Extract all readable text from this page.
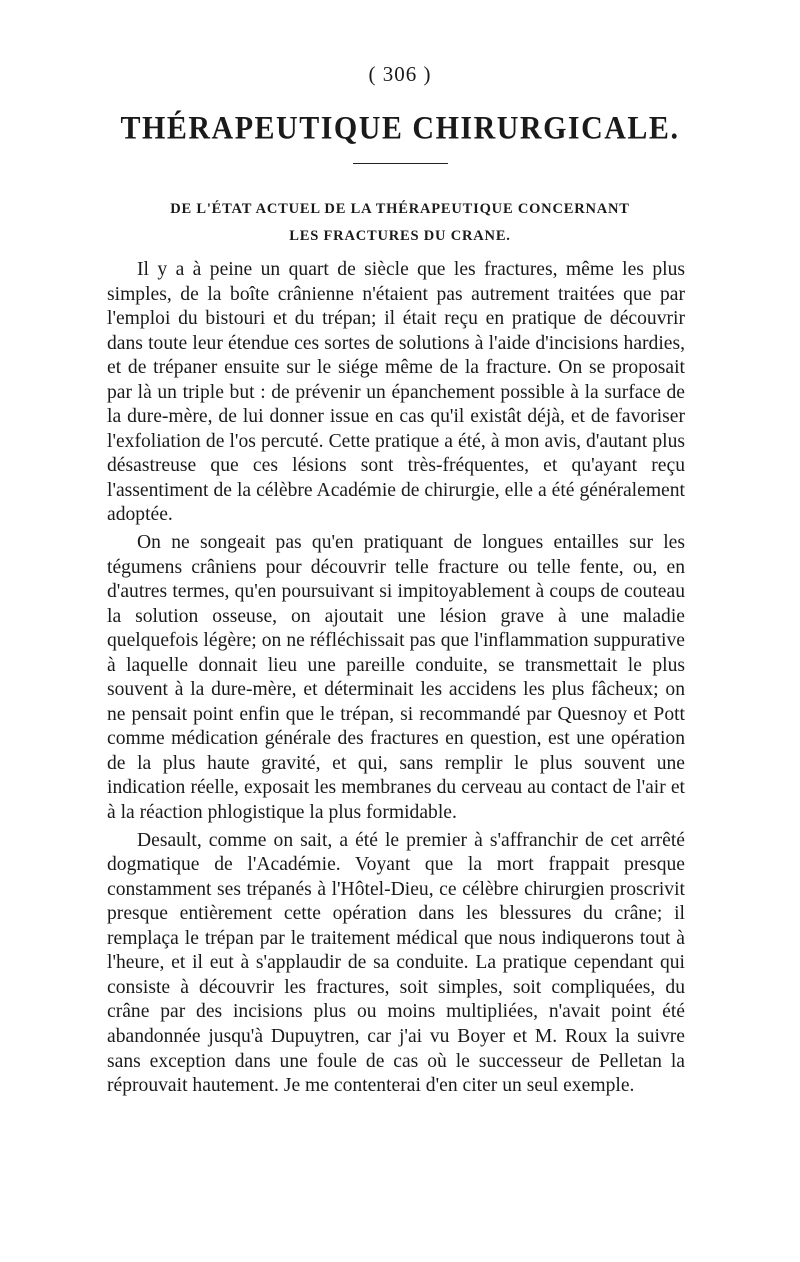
( 306 )
THÉRAPEUTIQUE CHIRURGICALE.
DE L'ÉTAT ACTUEL DE LA THÉRAPEUTIQUE CONCERNANT
LES FRACTURES DU CRANE.

Il y a à peine un quart de siècle que les fractures, même les plus simples, de la boîte crânienne n'étaient pas autrement traitées que par l'emploi du bistouri et du trépan; il était reçu en pratique de découvrir dans toute leur étendue ces sortes de solutions à l'aide d'incisions hardies, et de trépaner ensuite sur le siége même de la fracture. On se proposait par là un triple but : de prévenir un épanchement possible à la surface de la dure-mère, de lui donner issue en cas qu'il existât déjà, et de favoriser l'exfoliation de l'os percuté. Cette pratique a été, à mon avis, d'autant plus désastreuse que ces lésions sont très-fréquentes, et qu'ayant reçu l'assentiment de la célèbre Académie de chirurgie, elle a été généralement adoptée.

On ne songeait pas qu'en pratiquant de longues entailles sur les tégumens crâniens pour découvrir telle fracture ou telle fente, ou, en d'autres termes, qu'en poursuivant si impitoyablement à coups de couteau la solution osseuse, on ajoutait une lésion grave à une maladie quelquefois légère; on ne réfléchissait pas que l'inflammation suppurative à laquelle donnait lieu une pareille conduite, se transmettait le plus souvent à la dure-mère, et déterminait les accidens les plus fâcheux; on ne pensait point enfin que le trépan, si recommandé par Quesnoy et Pott comme médication générale des fractures en question, est une opération de la plus haute gravité, et qui, sans remplir le plus souvent une indication réelle, exposait les membranes du cerveau au contact de l'air et à la réaction phlogistique la plus formidable.

Desault, comme on sait, a été le premier à s'affranchir de cet arrêté dogmatique de l'Académie. Voyant que la mort frappait presque constamment ses trépanés à l'Hôtel-Dieu, ce célèbre chirurgien proscrivit presque entièrement cette opération dans les blessures du crâne; il remplaça le trépan par le traitement médical que nous indiquerons tout à l'heure, et il eut à s'applaudir de sa conduite. La pratique cependant qui consiste à découvrir les fractures, soit simples, soit compliquées, du crâne par des incisions plus ou moins multipliées, n'avait point été abandonnée jusqu'à Dupuytren, car j'ai vu Boyer et M. Roux la suivre sans exception dans une foule de cas où le successeur de Pelletan la réprouvait hautement. Je me contenterai d'en citer un seul exemple.
